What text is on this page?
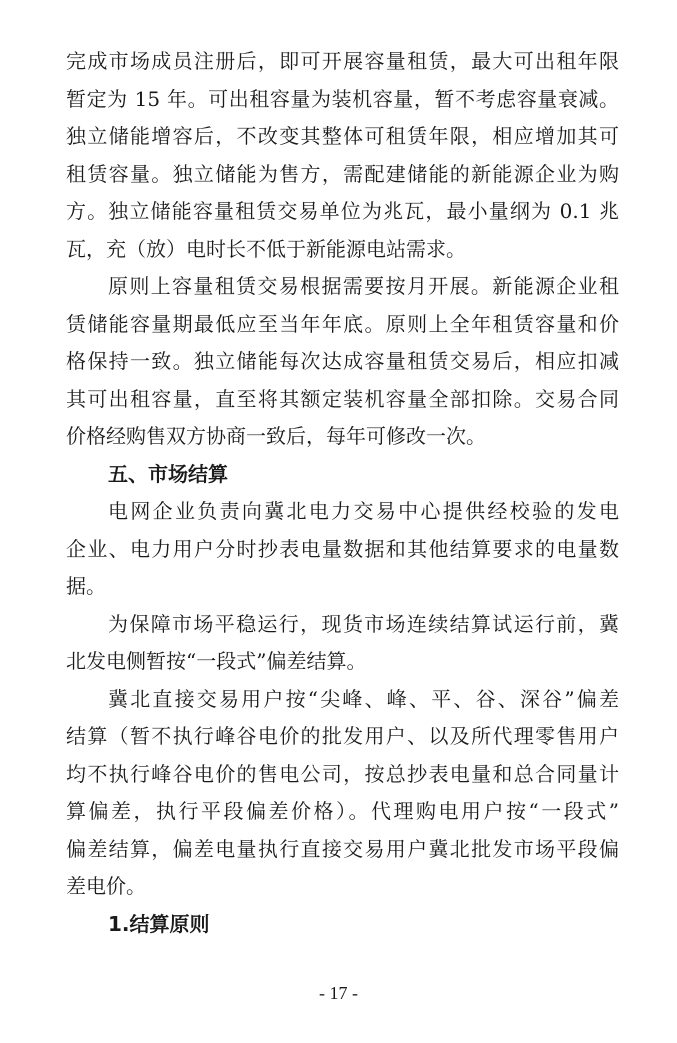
完成市场成员注册后，即可开展容量租赁，最大可出租年限
暂定为 15 年。可出租容量为装机容量，暂不考虑容量衰减。
独立储能增容后，不改变其整体可租赁年限，相应增加其可
租赁容量。独立储能为售方，需配建储能的新能源企业为购
方。独立储能容量租赁交易单位为兆瓦，最小量纲为 0.1 兆
瓦，充（放）电时长不低于新能源电站需求。
原则上容量租赁交易根据需要按月开展。新能源企业租
赁储能容量期最低应至当年年底。原则上全年租赁容量和价
格保持一致。独立储能每次达成容量租赁交易后，相应扣减
其可出租容量，直至将其额定装机容量全部扣除。交易合同
价格经购售双方协商一致后，每年可修改一次。
五、市场结算
电网企业负责向冀北电力交易中心提供经校验的发电
企业、电力用户分时抄表电量数据和其他结算要求的电量数
据。
为保障市场平稳运行，现货市场连续结算试运行前，冀
北发电侧暂按“一段式”偏差结算。
冀北直接交易用户按“尖峰、峰、平、谷、深谷”偏差
结算（暂不执行峰谷电价的批发用户、以及所代理零售用户
均不执行峰谷电价的售电公司，按总抄表电量和总合同量计
算偏差，执行平段偏差价格）。代理购电用户按“一段式”
偏差结算，偏差电量执行直接交易用户冀北批发市场平段偏
差电价。
1.结算原则
- 17 -
